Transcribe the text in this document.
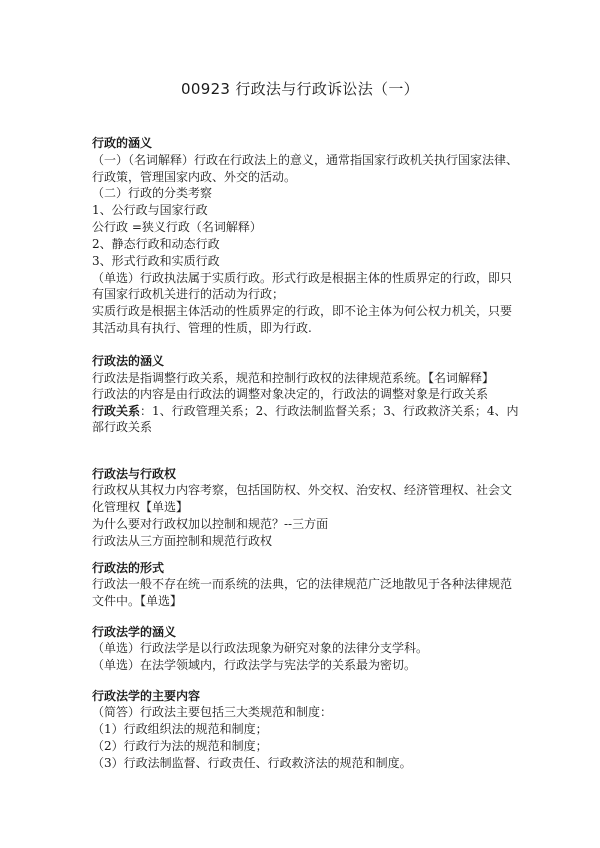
00923 行政法与行政诉讼法（一）
行政的涵义
（一）（名词解释）行政在行政法上的意义，通常指国家行政机关执行国家法律、
行政策，管理国家内政、外交的活动。
（二）行政的分类考察
1、公行政与国家行政
公行政 =狭义行政（名词解释）
2、静态行政和动态行政
3、形式行政和实质行政
（单选）行政执法属于实质行政。形式行政是根据主体的性质界定的行政，即只
有国家行政机关进行的活动为行政；
实质行政是根据主体活动的性质界定的行政，即不论主体为何公权力机关，只要
其活动具有执行、管理的性质，即为行政.
行政法的涵义
行政法是指调整行政关系，规范和控制行政权的法律规范系统。【名词解释】
行政法的内容是由行政法的调整对象决定的，行政法的调整对象是行政关系
行政关系：1、行政管理关系；2、行政法制监督关系；3、行政救济关系；4、内
部行政关系
行政法与行政权
行政权从其权力内容考察，包括国防权、外交权、治安权、经济管理权、社会文
化管理权【单选】
为什么要对行政权加以控制和规范？--三方面
行政法从三方面控制和规范行政权
行政法的形式
行政法一般不存在统一而系统的法典，它的法律规范广泛地散见于各种法律规范
文件中。【单选】
行政法学的涵义
（单选）行政法学是以行政法现象为研究对象的法律分支学科。
（单选）在法学领域内，行政法学与宪法学的关系最为密切。
行政法学的主要内容
（简答）行政法主要包括三大类规范和制度：
（1）行政组织法的规范和制度；
（2）行政行为法的规范和制度；
（3）行政法制监督、行政责任、行政救济法的规范和制度。
